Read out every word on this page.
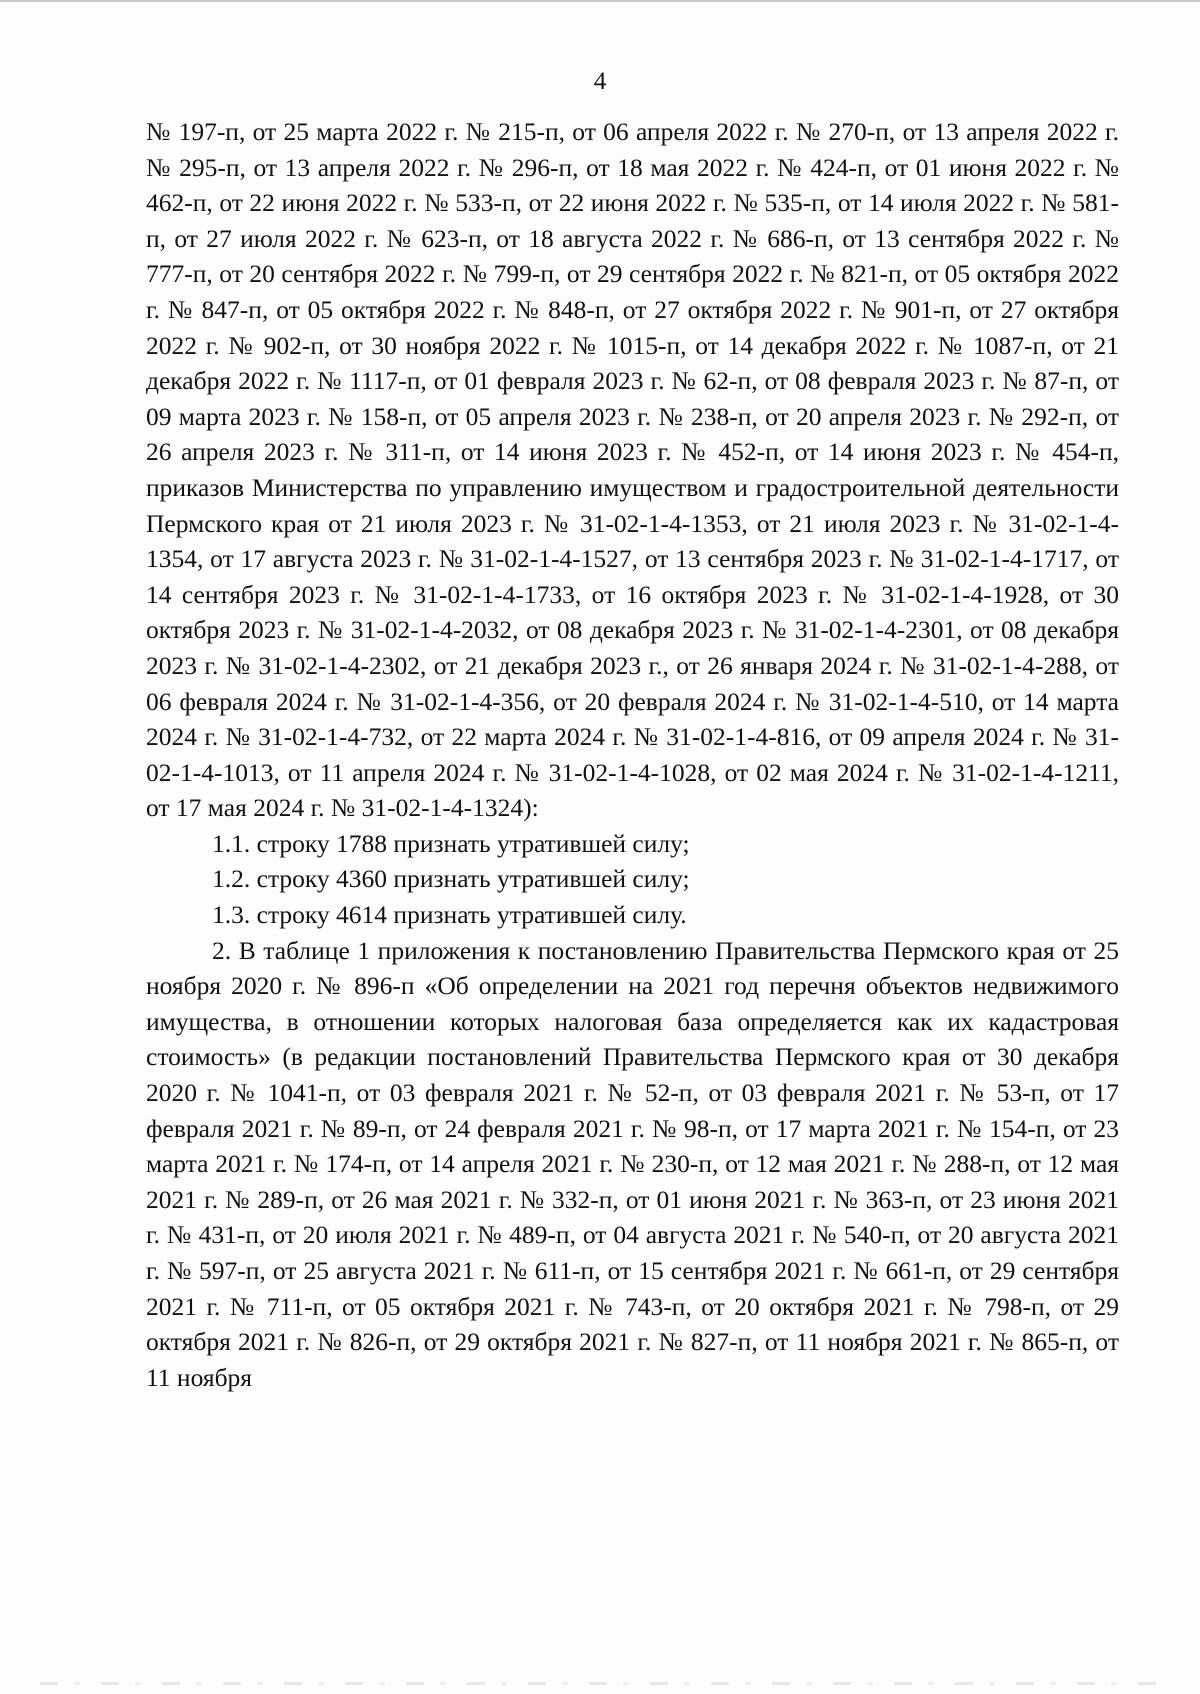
4

№ 197-п, от 25 марта 2022 г. № 215-п, от 06 апреля 2022 г. № 270-п, от 13 апреля 2022 г. № 295-п, от 13 апреля 2022 г. № 296-п, от 18 мая 2022 г. № 424-п, от 01 июня 2022 г. № 462-п, от 22 июня 2022 г. № 533-п, от 22 июня 2022 г. № 535-п, от 14 июля 2022 г. № 581-п, от 27 июля 2022 г. № 623-п, от 18 августа 2022 г. № 686-п, от 13 сентября 2022 г. № 777-п, от 20 сентября 2022 г. № 799-п, от 29 сентября 2022 г. № 821-п, от 05 октября 2022 г. № 847-п, от 05 октября 2022 г. № 848-п, от 27 октября 2022 г. № 901-п, от 27 октября 2022 г. № 902-п, от 30 ноября 2022 г. № 1015-п, от 14 декабря 2022 г. № 1087-п, от 21 декабря 2022 г. № 1117-п, от 01 февраля 2023 г. № 62-п, от 08 февраля 2023 г. № 87-п, от 09 марта 2023 г. № 158-п, от 05 апреля 2023 г. № 238-п, от 20 апреля 2023 г. № 292-п, от 26 апреля 2023 г. № 311-п, от 14 июня 2023 г. № 452-п, от 14 июня 2023 г. № 454-п, приказов Министерства по управлению имуществом и градостроительной деятельности Пермского края от 21 июля 2023 г. № 31-02-1-4-1353, от 21 июля 2023 г. № 31-02-1-4-1354, от 17 августа 2023 г. № 31-02-1-4-1527, от 13 сентября 2023 г. № 31-02-1-4-1717, от 14 сентября 2023 г. № 31-02-1-4-1733, от 16 октября 2023 г. № 31-02-1-4-1928, от 30 октября 2023 г. № 31-02-1-4-2032, от 08 декабря 2023 г. № 31-02-1-4-2301, от 08 декабря 2023 г. № 31-02-1-4-2302, от 21 декабря 2023 г., от 26 января 2024 г. № 31-02-1-4-288, от 06 февраля 2024 г. № 31-02-1-4-356, от 20 февраля 2024 г. № 31-02-1-4-510, от 14 марта 2024 г. № 31-02-1-4-732, от 22 марта 2024 г. № 31-02-1-4-816, от 09 апреля 2024 г. № 31-02-1-4-1013, от 11 апреля 2024 г. № 31-02-1-4-1028, от 02 мая 2024 г. № 31-02-1-4-1211, от 17 мая 2024 г. № 31-02-1-4-1324):

1.1. строку 1788 признать утратившей силу;

1.2. строку 4360 признать утратившей силу;

1.3. строку 4614 признать утратившей силу.

2. В таблице 1 приложения к постановлению Правительства Пермского края от 25 ноября 2020 г. № 896-п «Об определении на 2021 год перечня объектов недвижимого имущества, в отношении которых налоговая база определяется как их кадастровая стоимость» (в редакции постановлений Правительства Пермского края от 30 декабря 2020 г. № 1041-п, от 03 февраля 2021 г. № 52-п, от 03 февраля 2021 г. № 53-п, от 17 февраля 2021 г. № 89-п, от 24 февраля 2021 г. № 98-п, от 17 марта 2021 г. № 154-п, от 23 марта 2021 г. № 174-п, от 14 апреля 2021 г. № 230-п, от 12 мая 2021 г. № 288-п, от 12 мая 2021 г. № 289-п, от 26 мая 2021 г. № 332-п, от 01 июня 2021 г. № 363-п, от 23 июня 2021 г. № 431-п, от 20 июля 2021 г. № 489-п, от 04 августа 2021 г. № 540-п, от 20 августа 2021 г. № 597-п, от 25 августа 2021 г. № 611-п, от 15 сентября 2021 г. № 661-п, от 29 сентября 2021 г. № 711-п, от 05 октября 2021 г. № 743-п, от 20 октября 2021 г. № 798-п, от 29 октября 2021 г. № 826-п, от 29 октября 2021 г. № 827-п, от 11 ноября 2021 г. № 865-п, от 11 ноября
